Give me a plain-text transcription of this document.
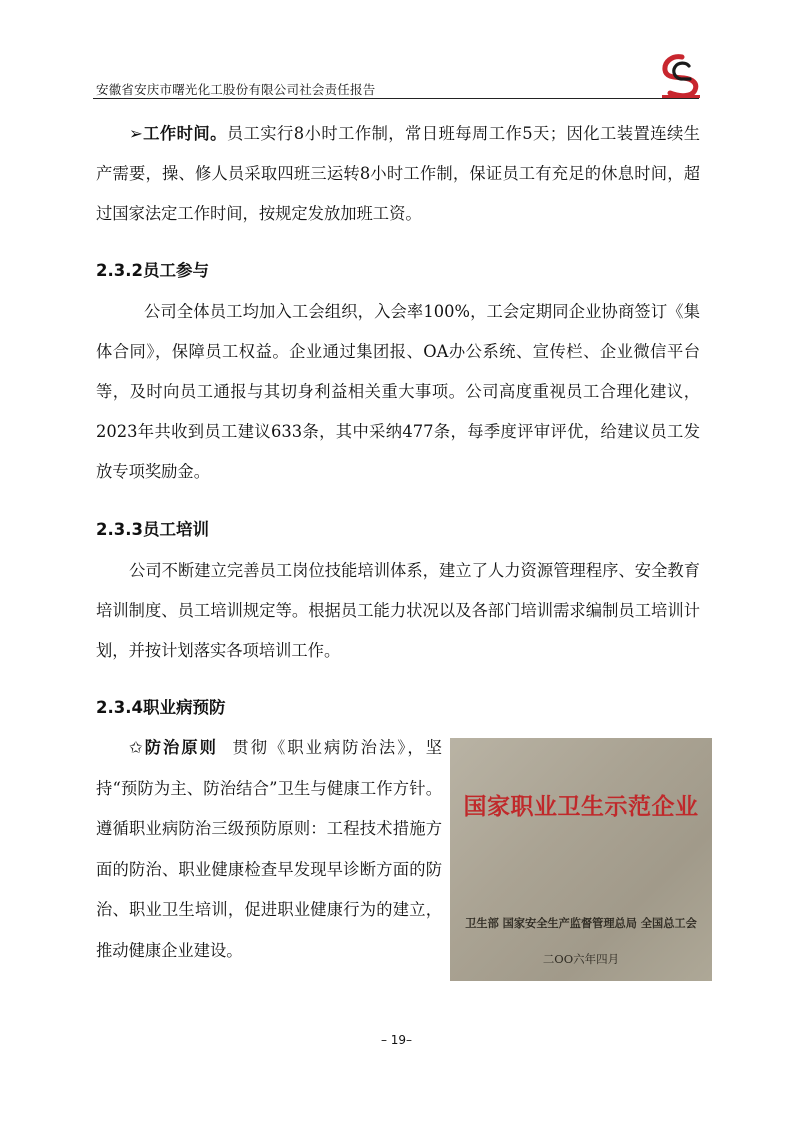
安徽省安庆市曙光化工股份有限公司社会责任报告

➢工作时间。员工实行8小时工作制，常日班每周工作5天；因化工装置连续生产需要，操、修人员采取四班三运转8小时工作制，保证员工有充足的休息时间，超过国家法定工作时间，按规定发放加班工资。

2.3.2员工参与

公司全体员工均加入工会组织，入会率100%，工会定期同企业协商签订《集体合同》，保障员工权益。企业通过集团报、OA办公系统、宣传栏、企业微信平台等，及时向员工通报与其切身利益相关重大事项。公司高度重视员工合理化建议，2023年共收到员工建议633条，其中采纳477条，每季度评审评优，给建议员工发放专项奖励金。

2.3.3员工培训

公司不断建立完善员工岗位技能培训体系，建立了人力资源管理程序、安全教育培训制度、员工培训规定等。根据员工能力状况以及各部门培训需求编制员工培训计划，并按计划落实各项培训工作。

2.3.4职业病预防

✩防治原则 贯彻《职业病防治法》，坚持“预防为主、防治结合”卫生与健康工作方针。遵循职业病防治三级预防原则：工程技术措施方面的防治、职业健康检查早发现早诊断方面的防治、职业卫生培训，促进职业健康行为的建立，推动健康企业建设。

国家职业卫生示范企业
卫生部 国家安全生产监督管理总局 全国总工会
二OO六年四月
– 19–
